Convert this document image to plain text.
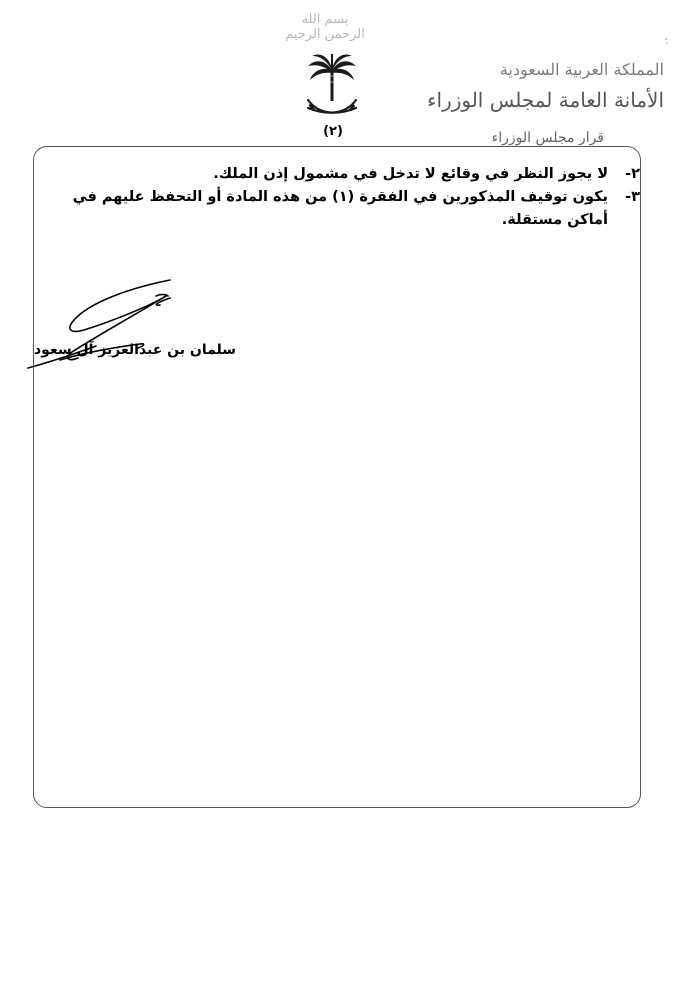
بسم الله الرحمن الرحيم
(٢)
المملكة العربية السعودية
الأمانة العامة لمجلس الوزراء
قرار مجلس الوزراء
٢-
لا يجوز النظر في وقائع لا تدخل في مشمول إذن الملك.
٣-
يكون توقيف المذكورين في الفقرة (١) من هذه المادة أو التحفظ عليهم في أماكن مستقلة.
سلمان بن عبدالعزيز آل سعود
